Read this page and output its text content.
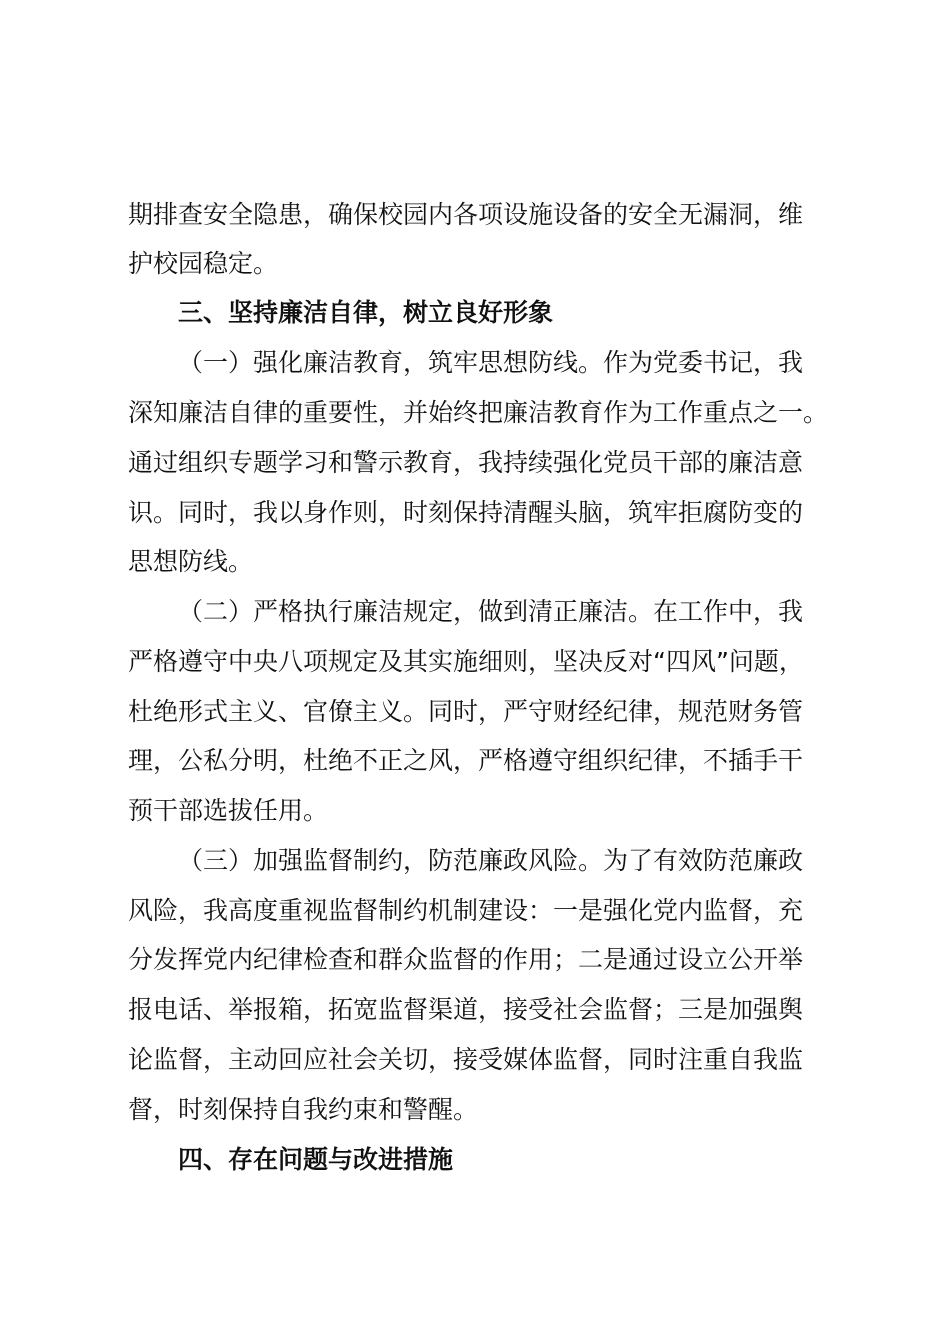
期排查安全隐患，确保校园内各项设施设备的安全无漏洞，维
护校园稳定。
三、坚持廉洁自律，树立良好形象
（一）强化廉洁教育，筑牢思想防线。作为党委书记，我
深知廉洁自律的重要性，并始终把廉洁教育作为工作重点之一。
通过组织专题学习和警示教育，我持续强化党员干部的廉洁意
识。同时，我以身作则，时刻保持清醒头脑，筑牢拒腐防变的
思想防线。
（二）严格执行廉洁规定，做到清正廉洁。在工作中，我
严格遵守中央八项规定及其实施细则，坚决反对“四风”问题，
杜绝形式主义、官僚主义。同时，严守财经纪律，规范财务管
理，公私分明，杜绝不正之风，严格遵守组织纪律，不插手干
预干部选拔任用。
（三）加强监督制约，防范廉政风险。为了有效防范廉政
风险，我高度重视监督制约机制建设：一是强化党内监督，充
分发挥党内纪律检查和群众监督的作用；二是通过设立公开举
报电话、举报箱，拓宽监督渠道，接受社会监督；三是加强舆
论监督，主动回应社会关切，接受媒体监督，同时注重自我监
督，时刻保持自我约束和警醒。
四、存在问题与改进措施
